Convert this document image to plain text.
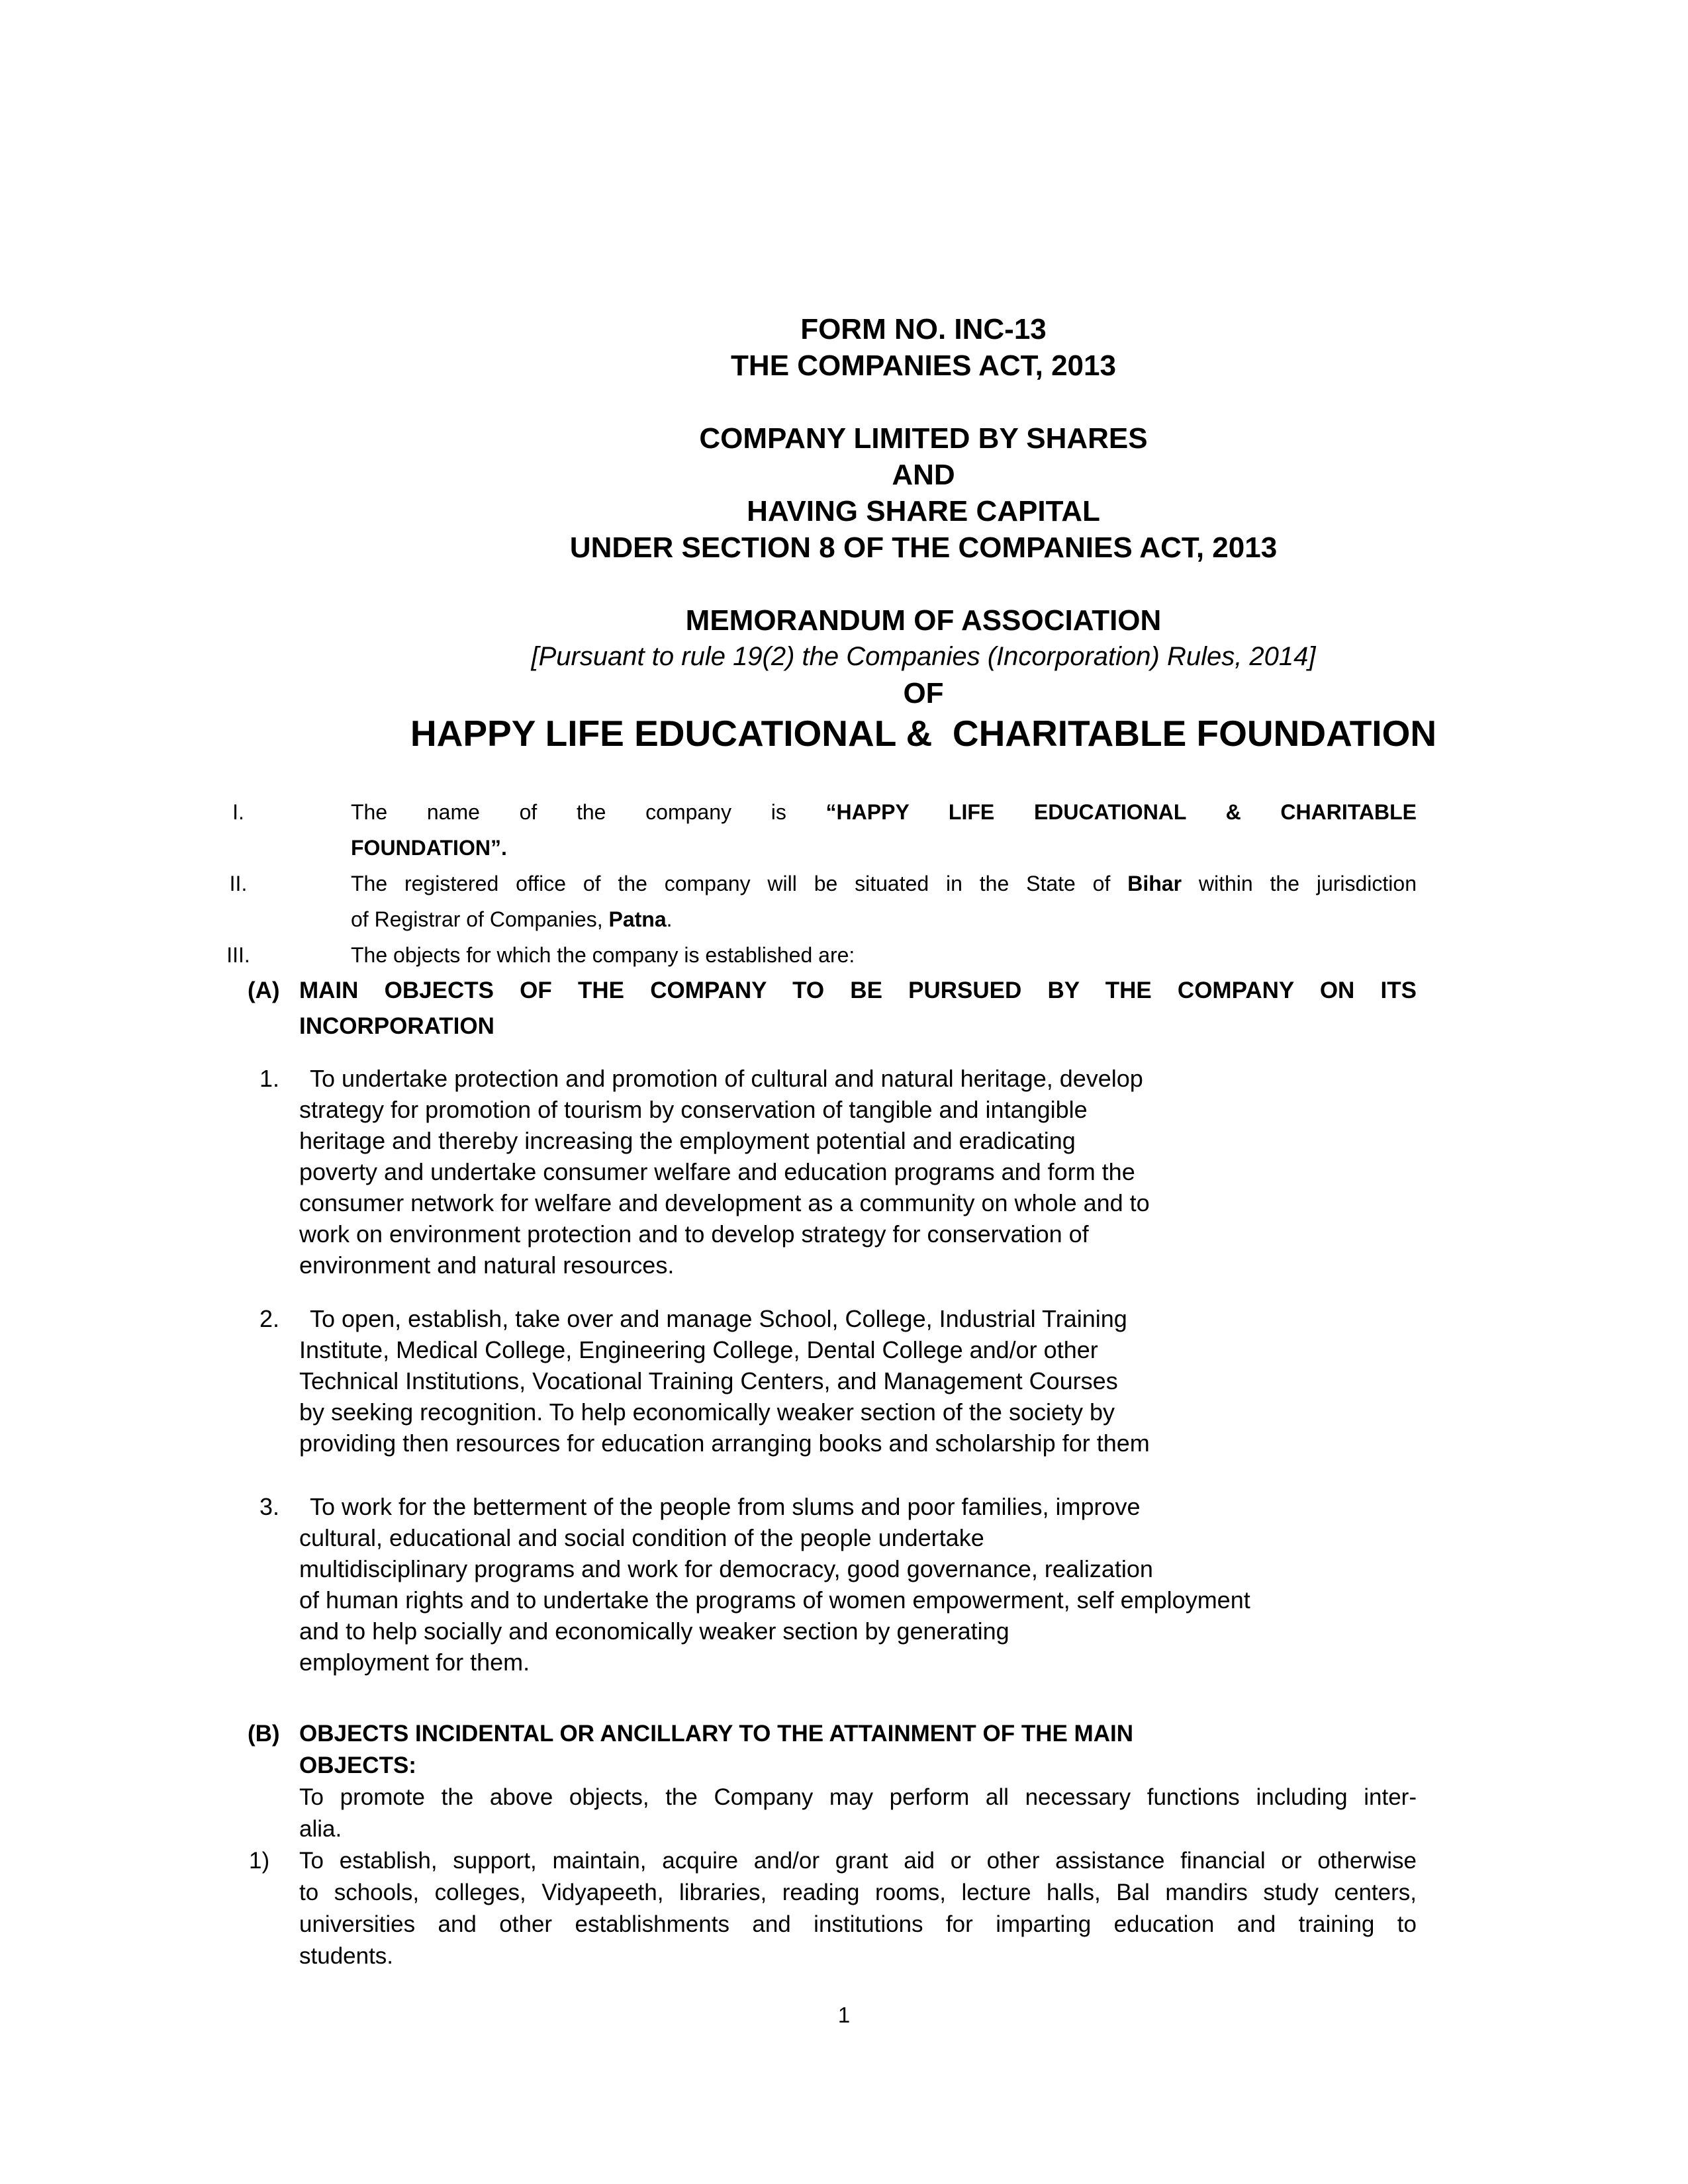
FORM NO. INC-13
THE COMPANIES ACT, 2013
COMPANY LIMITED BY SHARES
AND
HAVING SHARE CAPITAL
UNDER SECTION 8 OF THE COMPANIES ACT, 2013
MEMORANDUM OF ASSOCIATION
[Pursuant to rule 19(2) the Companies (Incorporation) Rules, 2014]
OF
HAPPY LIFE EDUCATIONAL &  CHARITABLE FOUNDATION
I.	The name of the company is “HAPPY LIFE EDUCATIONAL & CHARITABLE
FOUNDATION”.
II.	The registered office of the company will be situated in the State of Bihar within the jurisdiction
of Registrar of Companies, Patna.
III.	The objects for which the company is established are:
(A) MAIN OBJECTS OF THE COMPANY TO BE PURSUED BY THE COMPANY ON ITS
INCORPORATION
1.	To undertake protection and promotion of cultural and natural heritage, develop
strategy for promotion of tourism by conservation of tangible and intangible
heritage and thereby increasing the employment potential and eradicating
poverty and undertake consumer welfare and education programs and form the
consumer network for welfare and development as a community on whole and to
work on environment protection and to develop strategy for conservation of
environment and natural resources.
2.	To open, establish, take over and manage School, College, Industrial Training
Institute, Medical College, Engineering College, Dental College and/or other
Technical Institutions, Vocational Training Centers, and Management Courses
by seeking recognition. To help economically weaker section of the society by
providing then resources for education arranging books and scholarship for them
3.	To work for the betterment of the people from slums and poor families, improve
cultural, educational and social condition of the people undertake
multidisciplinary programs and work for democracy, good governance, realization
of human rights and to undertake the programs of women empowerment, self employment
and to help socially and economically weaker section by generating
employment for them.
(B) OBJECTS INCIDENTAL OR ANCILLARY TO THE ATTAINMENT OF THE MAIN
OBJECTS:
To promote the above objects, the Company may perform all necessary functions including inter-
alia.
1)	To establish, support, maintain, acquire and/or grant aid or other assistance financial or otherwise
to schools, colleges, Vidyapeeth, libraries, reading rooms, lecture halls, Bal mandirs study centers,
universities and other establishments and institutions for imparting education and training to
students.
1
